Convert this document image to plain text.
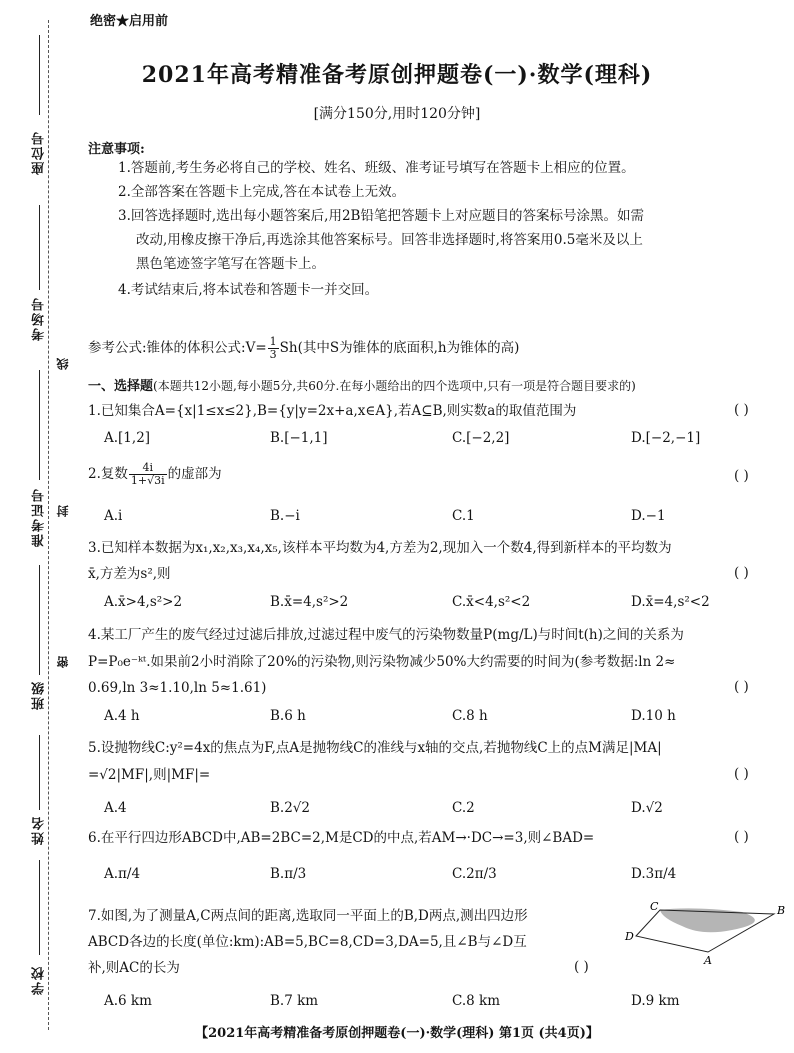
座位号
考场号
准考证号
班级
姓名
学校
线
封
密
绝密★启用前
2021年高考精准备考原创押题卷(一)·数学(理科)
[满分150分,用时120分钟]
注意事项:
1.答题前,考生务必将自己的学校、姓名、班级、准考证号填写在答题卡上相应的位置。
2.全部答案在答题卡上完成,答在本试卷上无效。
3.回答选择题时,选出每小题答案后,用2B铅笔把答题卡上对应题目的答案标号涂黑。如需
改动,用橡皮擦干净后,再选涂其他答案标号。回答非选择题时,将答案用0.5毫米及以上
黑色笔迹签字笔写在答题卡上。
4.考试结束后,将本试卷和答题卡一并交回。
参考公式:锥体的体积公式:V= $\frac{1}{3} Sh$(其中S为锥体的底面积,h为锥体的高)
一、选择题(本题共12小题,每小题5分,共60分.在每小题给出的四个选项中,只有一项是符合题目要求的)
1.已知集合A={x|1≤x≤2},B={y|y=2x+a,x∈A},若A⊆B,则实数a的取值范围为	( )
A.[1,2]	B.[−1,1]	C.[−2,2]	D.[−2,−1]
2.复数 $\frac{4i}{1+√3i}$ 的虚部为	( )
A.i	B.−i	C.1	D.−1
3.已知样本数据为x₁,x₂,x₃,x₄,x₅,该样本平均数为4,方差为2,现加入一个数4,得到新样本的平均数为
x̄,方差为s²,则	( )
A.x̄>4,s²>2	B.x̄=4,s²>2	C.x̄<4,s²<2	D.x̄=4,s²<2
4.某工厂产生的废气经过过滤后排放,过滤过程中废气的污染物数量P(mg/L)与时间t(h)之间的关系为
P=P₀e⁻ᵏᵗ.如果前2小时消除了20%的污染物,则污染物减少50%大约需要的时间为(参考数据:ln 2≈
0.69,ln 3≈1.10,ln 5≈1.61)	( )
A.4 h	B.6 h	C.8 h	D.10 h
5.设抛物线C:y²=4x的焦点为F,点A是抛物线C的准线与x轴的交点,若抛物线C上的点M满足|MA|
=√2|MF|,则|MF|=	( )
A.4	B.2√2	C.2	D.√2
6.在平行四边形ABCD中,AB=2BC=2,M是CD的中点,若AM→·DC→=3,则∠BAD=	( )
A.π/4	B.π/3	C.2π/3	D.3π/4
7.如图,为了测量A,C两点间的距离,选取同一平面上的B,D两点,测出四边形
ABCD各边的长度(单位:km):AB=5,BC=8,CD=3,DA=5,且∠B与∠D互
补,则AC的长为	( )
C	B
D
A
A.6 km	B.7 km	C.8 km	D.9 km
【2021年高考精准备考原创押题卷(一)·数学(理科) 第1页 (共4页)】
